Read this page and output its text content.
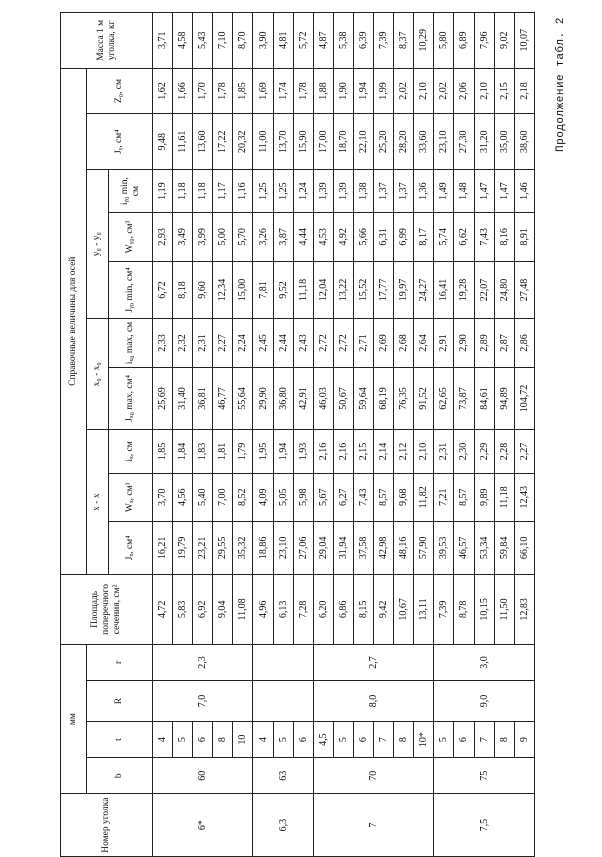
Продолжение табл. 2
Номер уголка	мм				Площадь поперечного сечения, см²	Справочные величины для осей										Масса 1 м уголка, кг
	b	t	R	r		x - x			x₀ - x₀		y₀ - y₀			Jᵧ, см⁴	Z₀, см	
						Jₓ, см⁴	Wₓ, см³	iₓ, см	Jₓ₀ max, см⁴	iₓ₀ max, см	Jᵧ₀ min, см⁴	Wᵧ₀, см³	iᵧ₀ min, см			
6*	60	4	7,0	2,3	4,72	16,21	3,70	1,85	25,69	2,33	6,72	2,93	1,19	9,48	1,62	3,71
		5			5,83	19,79	4,56	1,84	31,40	2,32	8,18	3,49	1,18	11,61	1,66	4,58
		6			6,92	23,21	5,40	1,83	36,81	2,31	9,60	3,99	1,18	13,60	1,70	5,43
		8			9,04	29,55	7,00	1,81	46,77	2,27	12,34	5,00	1,17	17,22	1,78	7,10
		10			11,08	35,32	8,52	1,79	55,64	2,24	15,00	5,70	1,16	20,32	1,85	8,70
6,3	63	4			4,96	18,86	4,09	1,95	29,90	2,45	7,81	3,26	1,25	11,00	1,69	3,90
		5			6,13	23,10	5,05	1,94	36,80	2,44	9,52	3,87	1,25	13,70	1,74	4,81
		6			7,28	27,06	5,98	1,93	42,91	2,43	11,18	4,44	1,24	15,90	1,78	5,72
7	70	4,5	8,0	2,7	6,20	29,04	5,67	2,16	46,03	2,72	12,04	4,53	1,39	17,00	1,88	4,87
		5			6,86	31,94	6,27	2,16	50,67	2,72	13,22	4,92	1,39	18,70	1,90	5,38
		6			8,15	37,58	7,43	2,15	59,64	2,71	15,52	5,66	1,38	22,10	1,94	6,39
		7			9,42	42,98	8,57	2,14	68,19	2,69	17,77	6,31	1,37	25,20	1,99	7,39
		8			10,67	48,16	9,68	2,12	76,35	2,68	19,97	6,99	1,37	28,20	2,02	8,37
		10*			13,11	57,90	11,82	2,10	91,52	2,64	24,27	8,17	1,36	33,60	2,10	10,29
7,5	75	5	9,0	3,0	7,39	39,53	7,21	2,31	62,65	2,91	16,41	5,74	1,49	23,10	2,02	5,80
		6			8,78	46,57	8,57	2,30	73,87	2,90	19,28	6,62	1,48	27,30	2,06	6,89
		7			10,15	53,34	9,89	2,29	84,61	2,89	22,07	7,43	1,47	31,20	2,10	7,96
		8			11,50	59,84	11,18	2,28	94,89	2,87	24,80	8,16	1,47	35,00	2,15	9,02
		9			12,83	66,10	12,43	2,27	104,72	2,86	27,48	8,91	1,46	38,60	2,18	10,07
